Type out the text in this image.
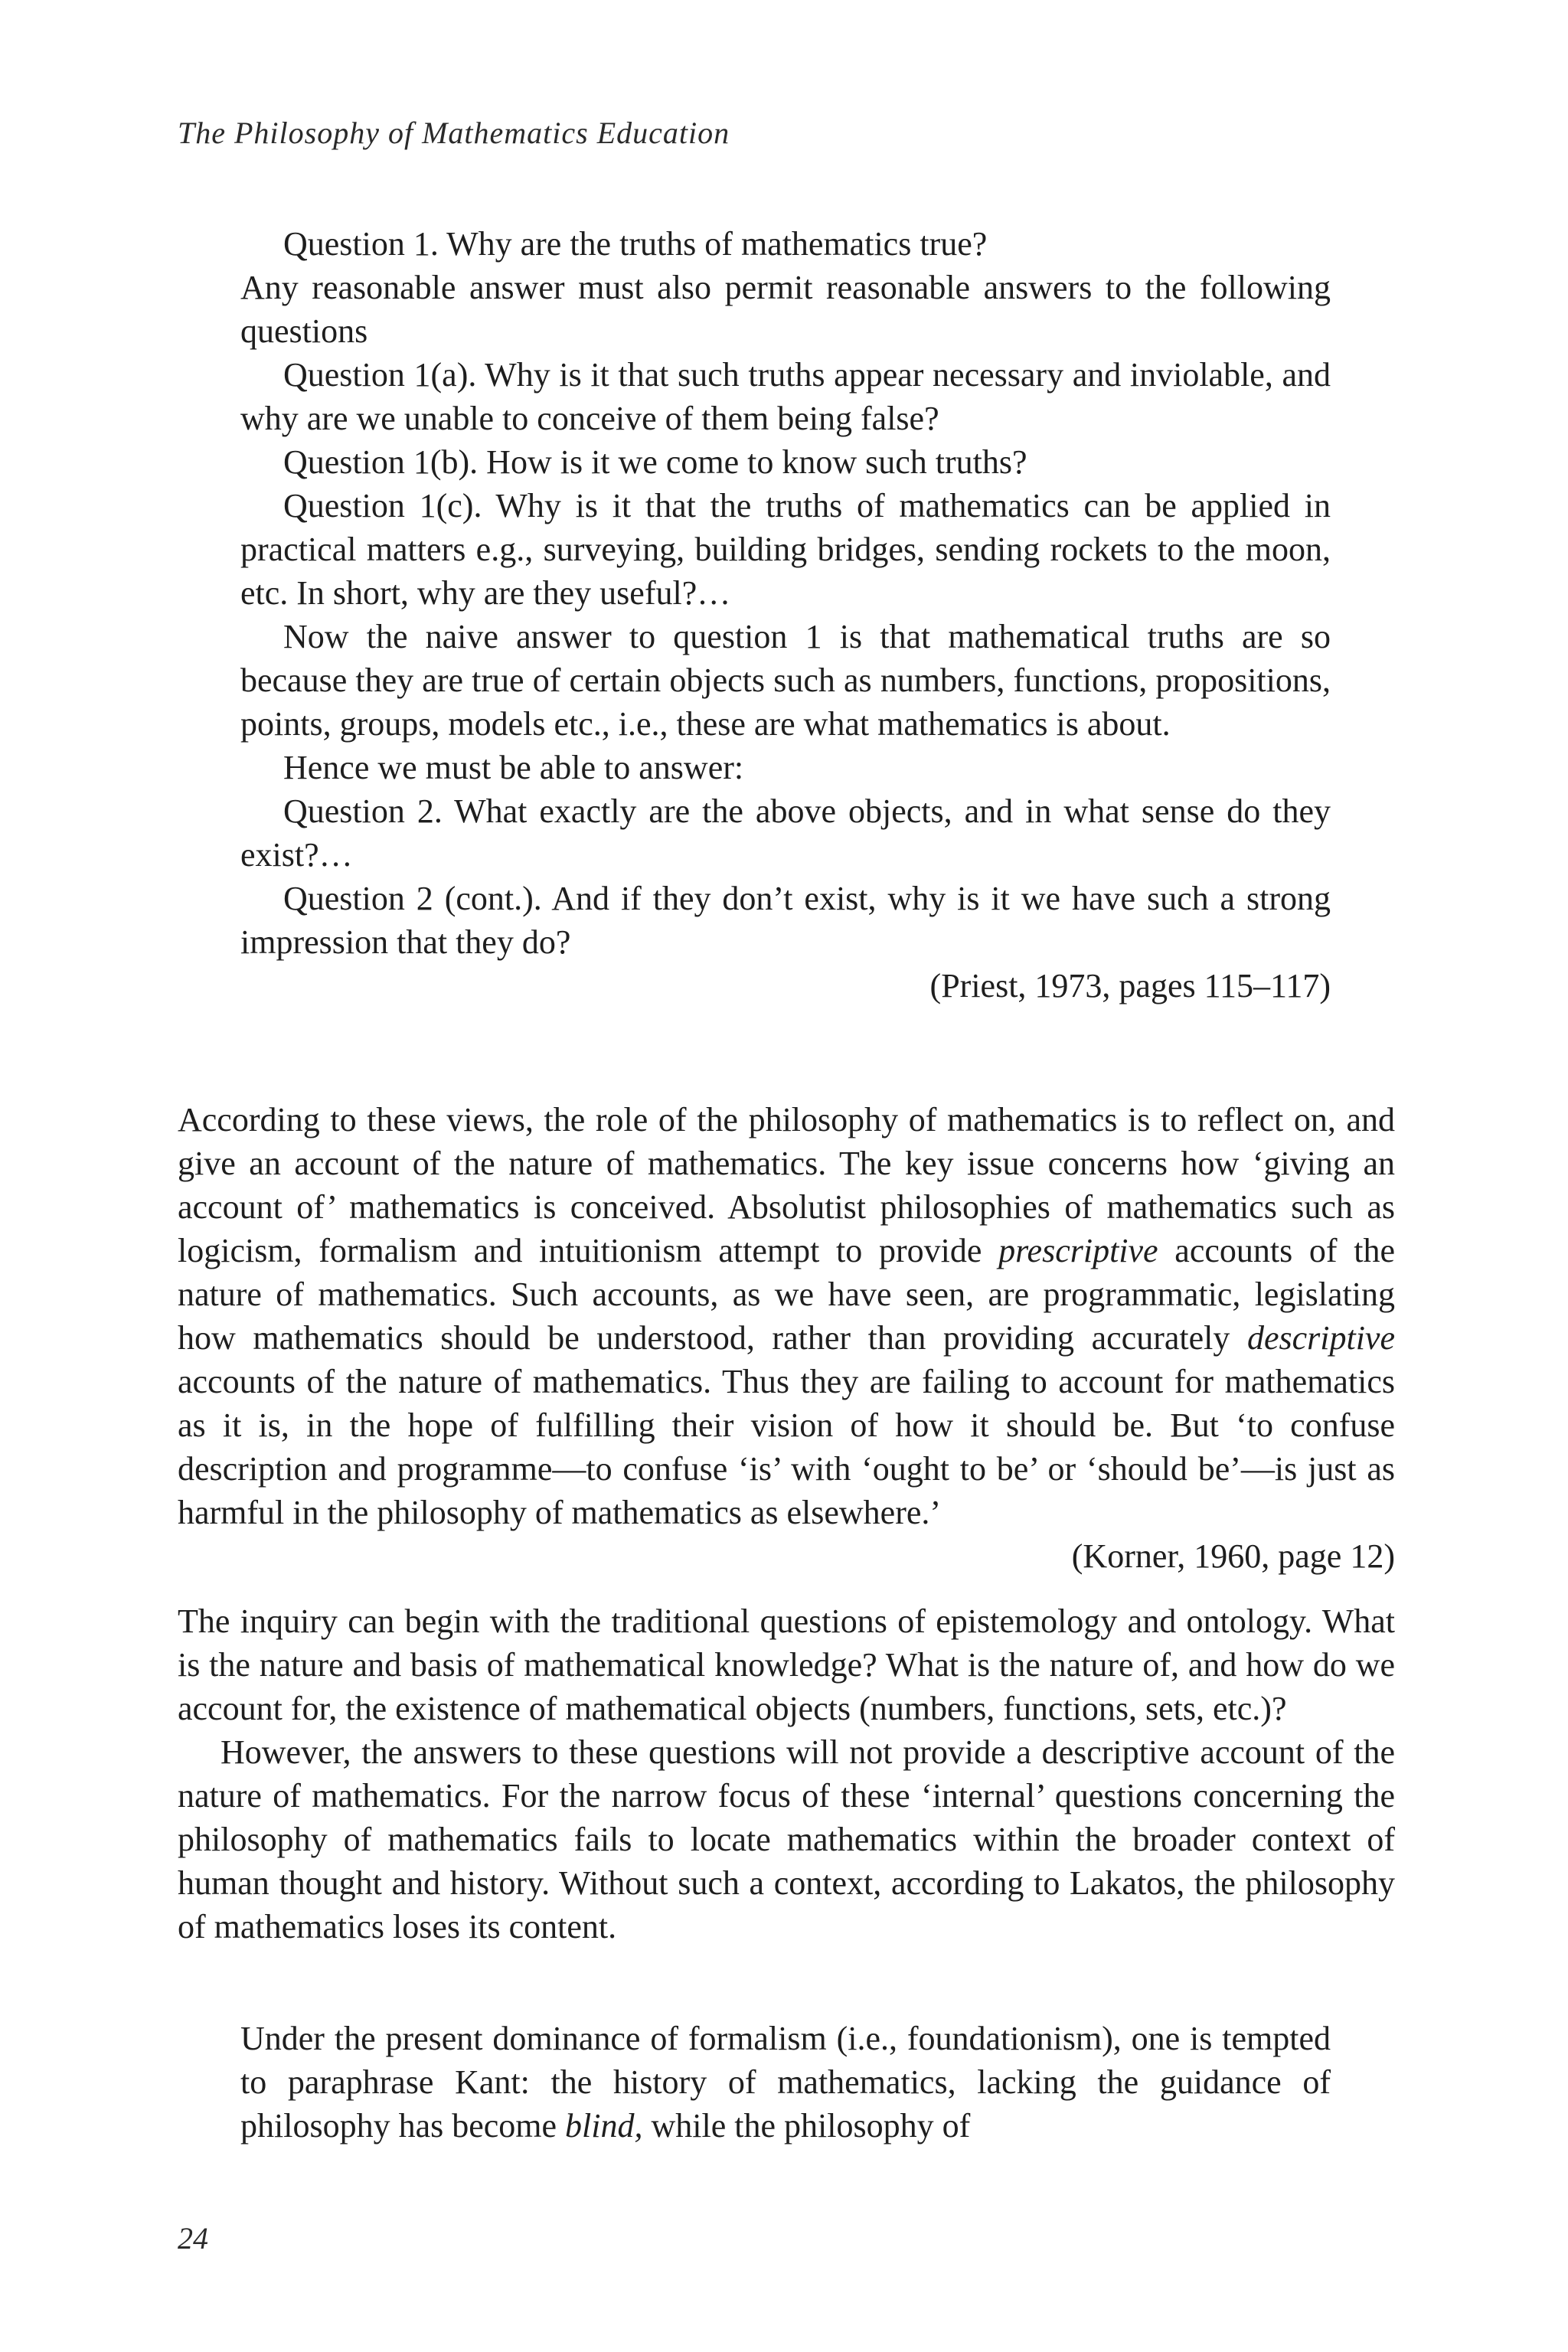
The Philosophy of Mathematics Education

Question 1. Why are the truths of mathematics true?

Any reasonable answer must also permit reasonable answers to the following questions

Question 1(a). Why is it that such truths appear necessary and inviolable, and why are we unable to conceive of them being false?

Question 1(b). How is it we come to know such truths?

Question 1(c). Why is it that the truths of mathematics can be applied in practical matters e.g., surveying, building bridges, sending rockets to the moon, etc. In short, why are they useful?…

Now the naive answer to question 1 is that mathematical truths are so because they are true of certain objects such as numbers, functions, propositions, points, groups, models etc., i.e., these are what mathematics is about.

Hence we must be able to answer:

Question 2. What exactly are the above objects, and in what sense do they exist?…

Question 2 (cont.). And if they don’t exist, why is it we have such a strong impression that they do?

(Priest, 1973, pages 115–117)

According to these views, the role of the philosophy of mathematics is to reflect on, and give an account of the nature of mathematics. The key issue concerns how ‘giving an account of’ mathematics is conceived. Absolutist philosophies of mathematics such as logicism, formalism and intuitionism attempt to provide prescriptive accounts of the nature of mathematics. Such accounts, as we have seen, are programmatic, legislating how mathematics should be understood, rather than providing accurately descriptive accounts of the nature of mathematics. Thus they are failing to account for mathematics as it is, in the hope of fulfilling their vision of how it should be. But ‘to confuse description and programme—to confuse ‘is’ with ‘ought to be’ or ‘should be’—is just as harmful in the philosophy of mathematics as elsewhere.’

(Korner, 1960, page 12)

The inquiry can begin with the traditional questions of epistemology and ontology. What is the nature and basis of mathematical knowledge? What is the nature of, and how do we account for, the existence of mathematical objects (numbers, functions, sets, etc.)?

However, the answers to these questions will not provide a descriptive account of the nature of mathematics. For the narrow focus of these ‘internal’ questions concerning the philosophy of mathematics fails to locate mathematics within the broader context of human thought and history. Without such a context, according to Lakatos, the philosophy of mathematics loses its content.

Under the present dominance of formalism (i.e., foundationism), one is tempted to paraphrase Kant: the history of mathematics, lacking the guidance of philosophy has become blind, while the philosophy of

24
